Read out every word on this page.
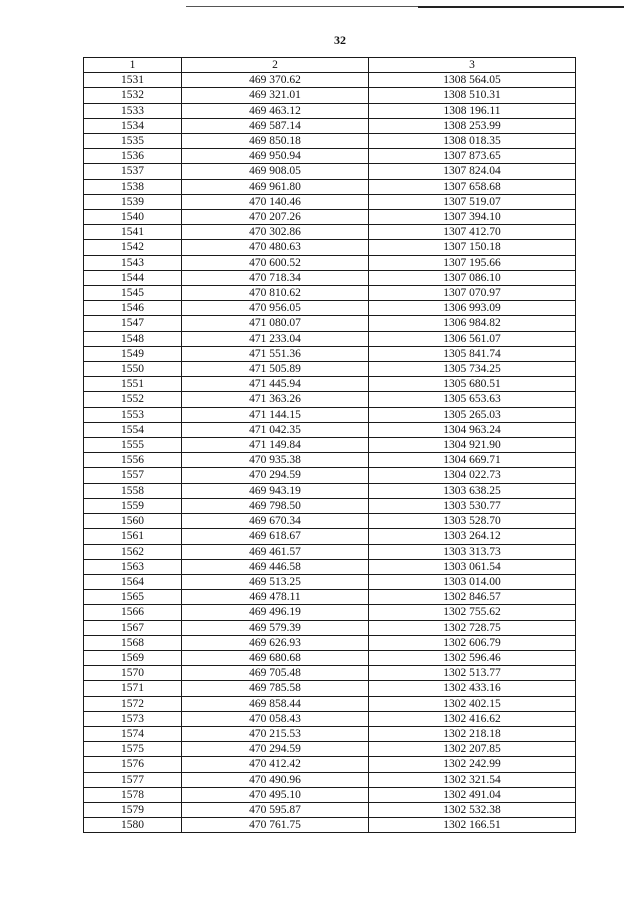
32
1	2	3
1531	469 370.62	1308 564.05
1532	469 321.01	1308 510.31
1533	469 463.12	1308 196.11
1534	469 587.14	1308 253.99
1535	469 850.18	1308 018.35
1536	469 950.94	1307 873.65
1537	469 908.05	1307 824.04
1538	469 961.80	1307 658.68
1539	470 140.46	1307 519.07
1540	470 207.26	1307 394.10
1541	470 302.86	1307 412.70
1542	470 480.63	1307 150.18
1543	470 600.52	1307 195.66
1544	470 718.34	1307 086.10
1545	470 810.62	1307 070.97
1546	470 956.05	1306 993.09
1547	471 080.07	1306 984.82
1548	471 233.04	1306 561.07
1549	471 551.36	1305 841.74
1550	471 505.89	1305 734.25
1551	471 445.94	1305 680.51
1552	471 363.26	1305 653.63
1553	471 144.15	1305 265.03
1554	471 042.35	1304 963.24
1555	471 149.84	1304 921.90
1556	470 935.38	1304 669.71
1557	470 294.59	1304 022.73
1558	469 943.19	1303 638.25
1559	469 798.50	1303 530.77
1560	469 670.34	1303 528.70
1561	469 618.67	1303 264.12
1562	469 461.57	1303 313.73
1563	469 446.58	1303 061.54
1564	469 513.25	1303 014.00
1565	469 478.11	1302 846.57
1566	469 496.19	1302 755.62
1567	469 579.39	1302 728.75
1568	469 626.93	1302 606.79
1569	469 680.68	1302 596.46
1570	469 705.48	1302 513.77
1571	469 785.58	1302 433.16
1572	469 858.44	1302 402.15
1573	470 058.43	1302 416.62
1574	470 215.53	1302 218.18
1575	470 294.59	1302 207.85
1576	470 412.42	1302 242.99
1577	470 490.96	1302 321.54
1578	470 495.10	1302 491.04
1579	470 595.87	1302 532.38
1580	470 761.75	1302 166.51
